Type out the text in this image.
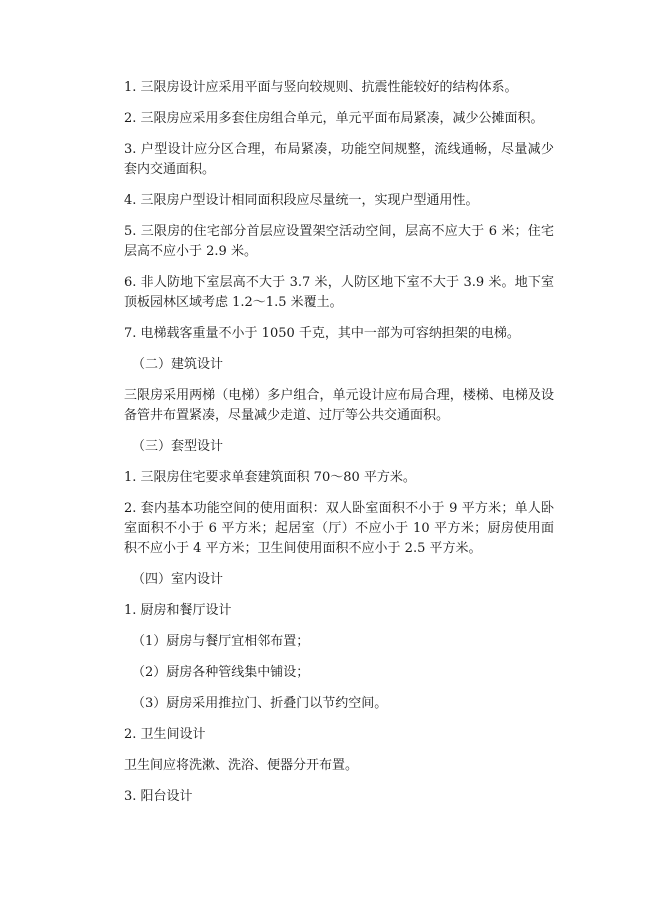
1. 三限房设计应采用平面与竖向较规则、抗震性能较好的结构体系。

2. 三限房应采用多套住房组合单元，单元平面布局紧凑，减少公摊面积。

3. 户型设计应分区合理，布局紧凑，功能空间规整，流线通畅，尽量减少套内交通面积。

4. 三限房户型设计相同面积段应尽量统一，实现户型通用性。

5. 三限房的住宅部分首层应设置架空活动空间，层高不应大于 6 米；住宅层高不应小于 2.9 米。

6. 非人防地下室层高不大于 3.7 米，人防区地下室不大于 3.9 米。地下室顶板园林区域考虑 1.2～1.5 米覆土。

7. 电梯载客重量不小于 1050 千克，其中一部为可容纳担架的电梯。

（二）建筑设计

三限房采用两梯（电梯）多户组合，单元设计应布局合理，楼梯、电梯及设备管井布置紧凑，尽量减少走道、过厅等公共交通面积。

（三）套型设计

1. 三限房住宅要求单套建筑面积 70～80 平方米。

2. 套内基本功能空间的使用面积：双人卧室面积不小于 9 平方米；单人卧室面积不小于 6 平方米；起居室（厅）不应小于 10 平方米；厨房使用面积不应小于 4 平方米；卫生间使用面积不应小于 2.5 平方米。

（四）室内设计

1. 厨房和餐厅设计

（1）厨房与餐厅宜相邻布置；

（2）厨房各种管线集中铺设；

（3）厨房采用推拉门、折叠门以节约空间。

2. 卫生间设计

卫生间应将洗漱、洗浴、便器分开布置。

3. 阳台设计
